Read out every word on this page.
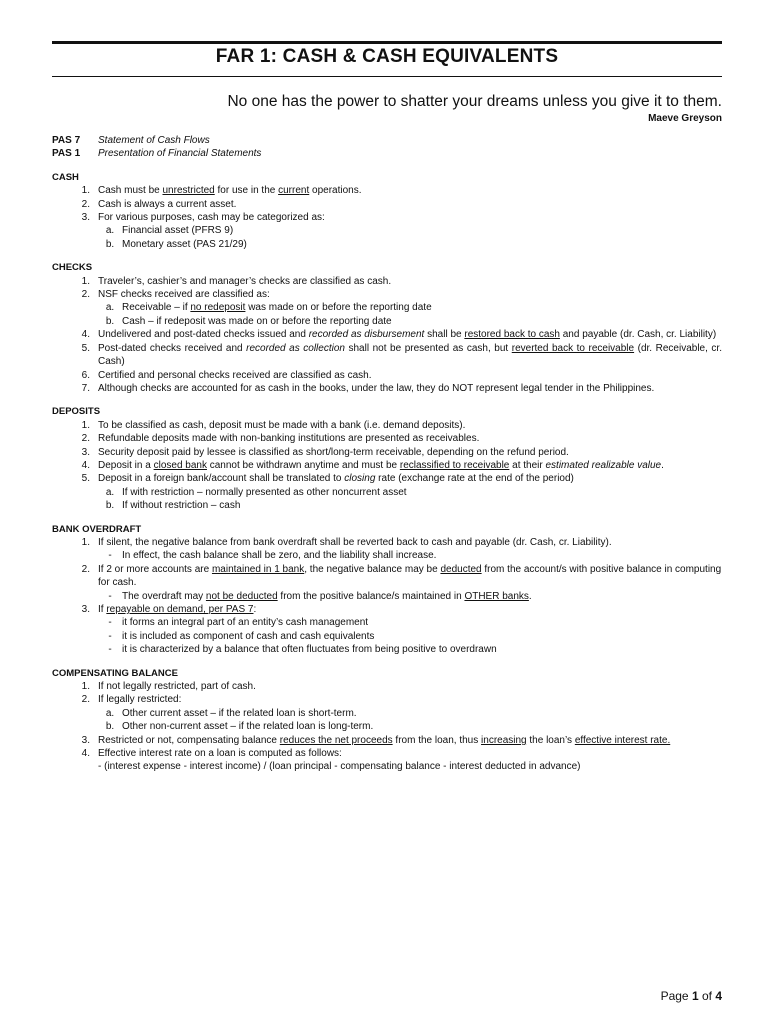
FAR 1: CASH & CASH EQUIVALENTS
No one has the power to shatter your dreams unless you give it to them.
Maeve Greyson
PAS 7	Statement of Cash Flows
PAS 1	Presentation of Financial Statements
CASH
1. Cash must be unrestricted for use in the current operations.
2. Cash is always a current asset.
3. For various purposes, cash may be categorized as:
a. Financial asset (PFRS 9)
b. Monetary asset (PAS 21/29)
CHECKS
1. Traveler’s, cashier’s and manager’s checks are classified as cash.
2. NSF checks received are classified as:
a. Receivable – if no redeposit was made on or before the reporting date
b. Cash – if redeposit was made on or before the reporting date
4. Undelivered and post-dated checks issued and recorded as disbursement shall be restored back to cash and payable (dr. Cash, cr. Liability)
5. Post-dated checks received and recorded as collection shall not be presented as cash, but reverted back to receivable (dr. Receivable, cr. Cash)
6. Certified and personal checks received are classified as cash.
7. Although checks are accounted for as cash in the books, under the law, they do NOT represent legal tender in the Philippines.
DEPOSITS
1. To be classified as cash, deposit must be made with a bank (i.e. demand deposits).
2. Refundable deposits made with non-banking institutions are presented as receivables.
3. Security deposit paid by lessee is classified as short/long-term receivable, depending on the refund period.
4. Deposit in a closed bank cannot be withdrawn anytime and must be reclassified to receivable at their estimated realizable value.
5. Deposit in a foreign bank/account shall be translated to closing rate (exchange rate at the end of the period)
a. If with restriction – normally presented as other noncurrent asset
b. If without restriction – cash
BANK OVERDRAFT
1. If silent, the negative balance from bank overdraft shall be reverted back to cash and payable (dr. Cash, cr. Liability).
-	In effect, the cash balance shall be zero, and the liability shall increase.
2. If 2 or more accounts are maintained in 1 bank, the negative balance may be deducted from the account/s with positive balance in computing for cash.
-	The overdraft may not be deducted from the positive balance/s maintained in OTHER banks.
3. If repayable on demand, per PAS 7:
-	it forms an integral part of an entity’s cash management
-	it is included as component of cash and cash equivalents
-	it is characterized by a balance that often fluctuates from being positive to overdrawn
COMPENSATING BALANCE
1. If not legally restricted, part of cash.
2. If legally restricted:
a. Other current asset – if the related loan is short-term.
b. Other non-current asset – if the related loan is long-term.
3. Restricted or not, compensating balance reduces the net proceeds from the loan, thus increasing the loan’s effective interest rate.
4. Effective interest rate on a loan is computed as follows:
- (interest expense - interest income) / (loan principal - compensating balance - interest deducted in advance)
Page 1 of 4
